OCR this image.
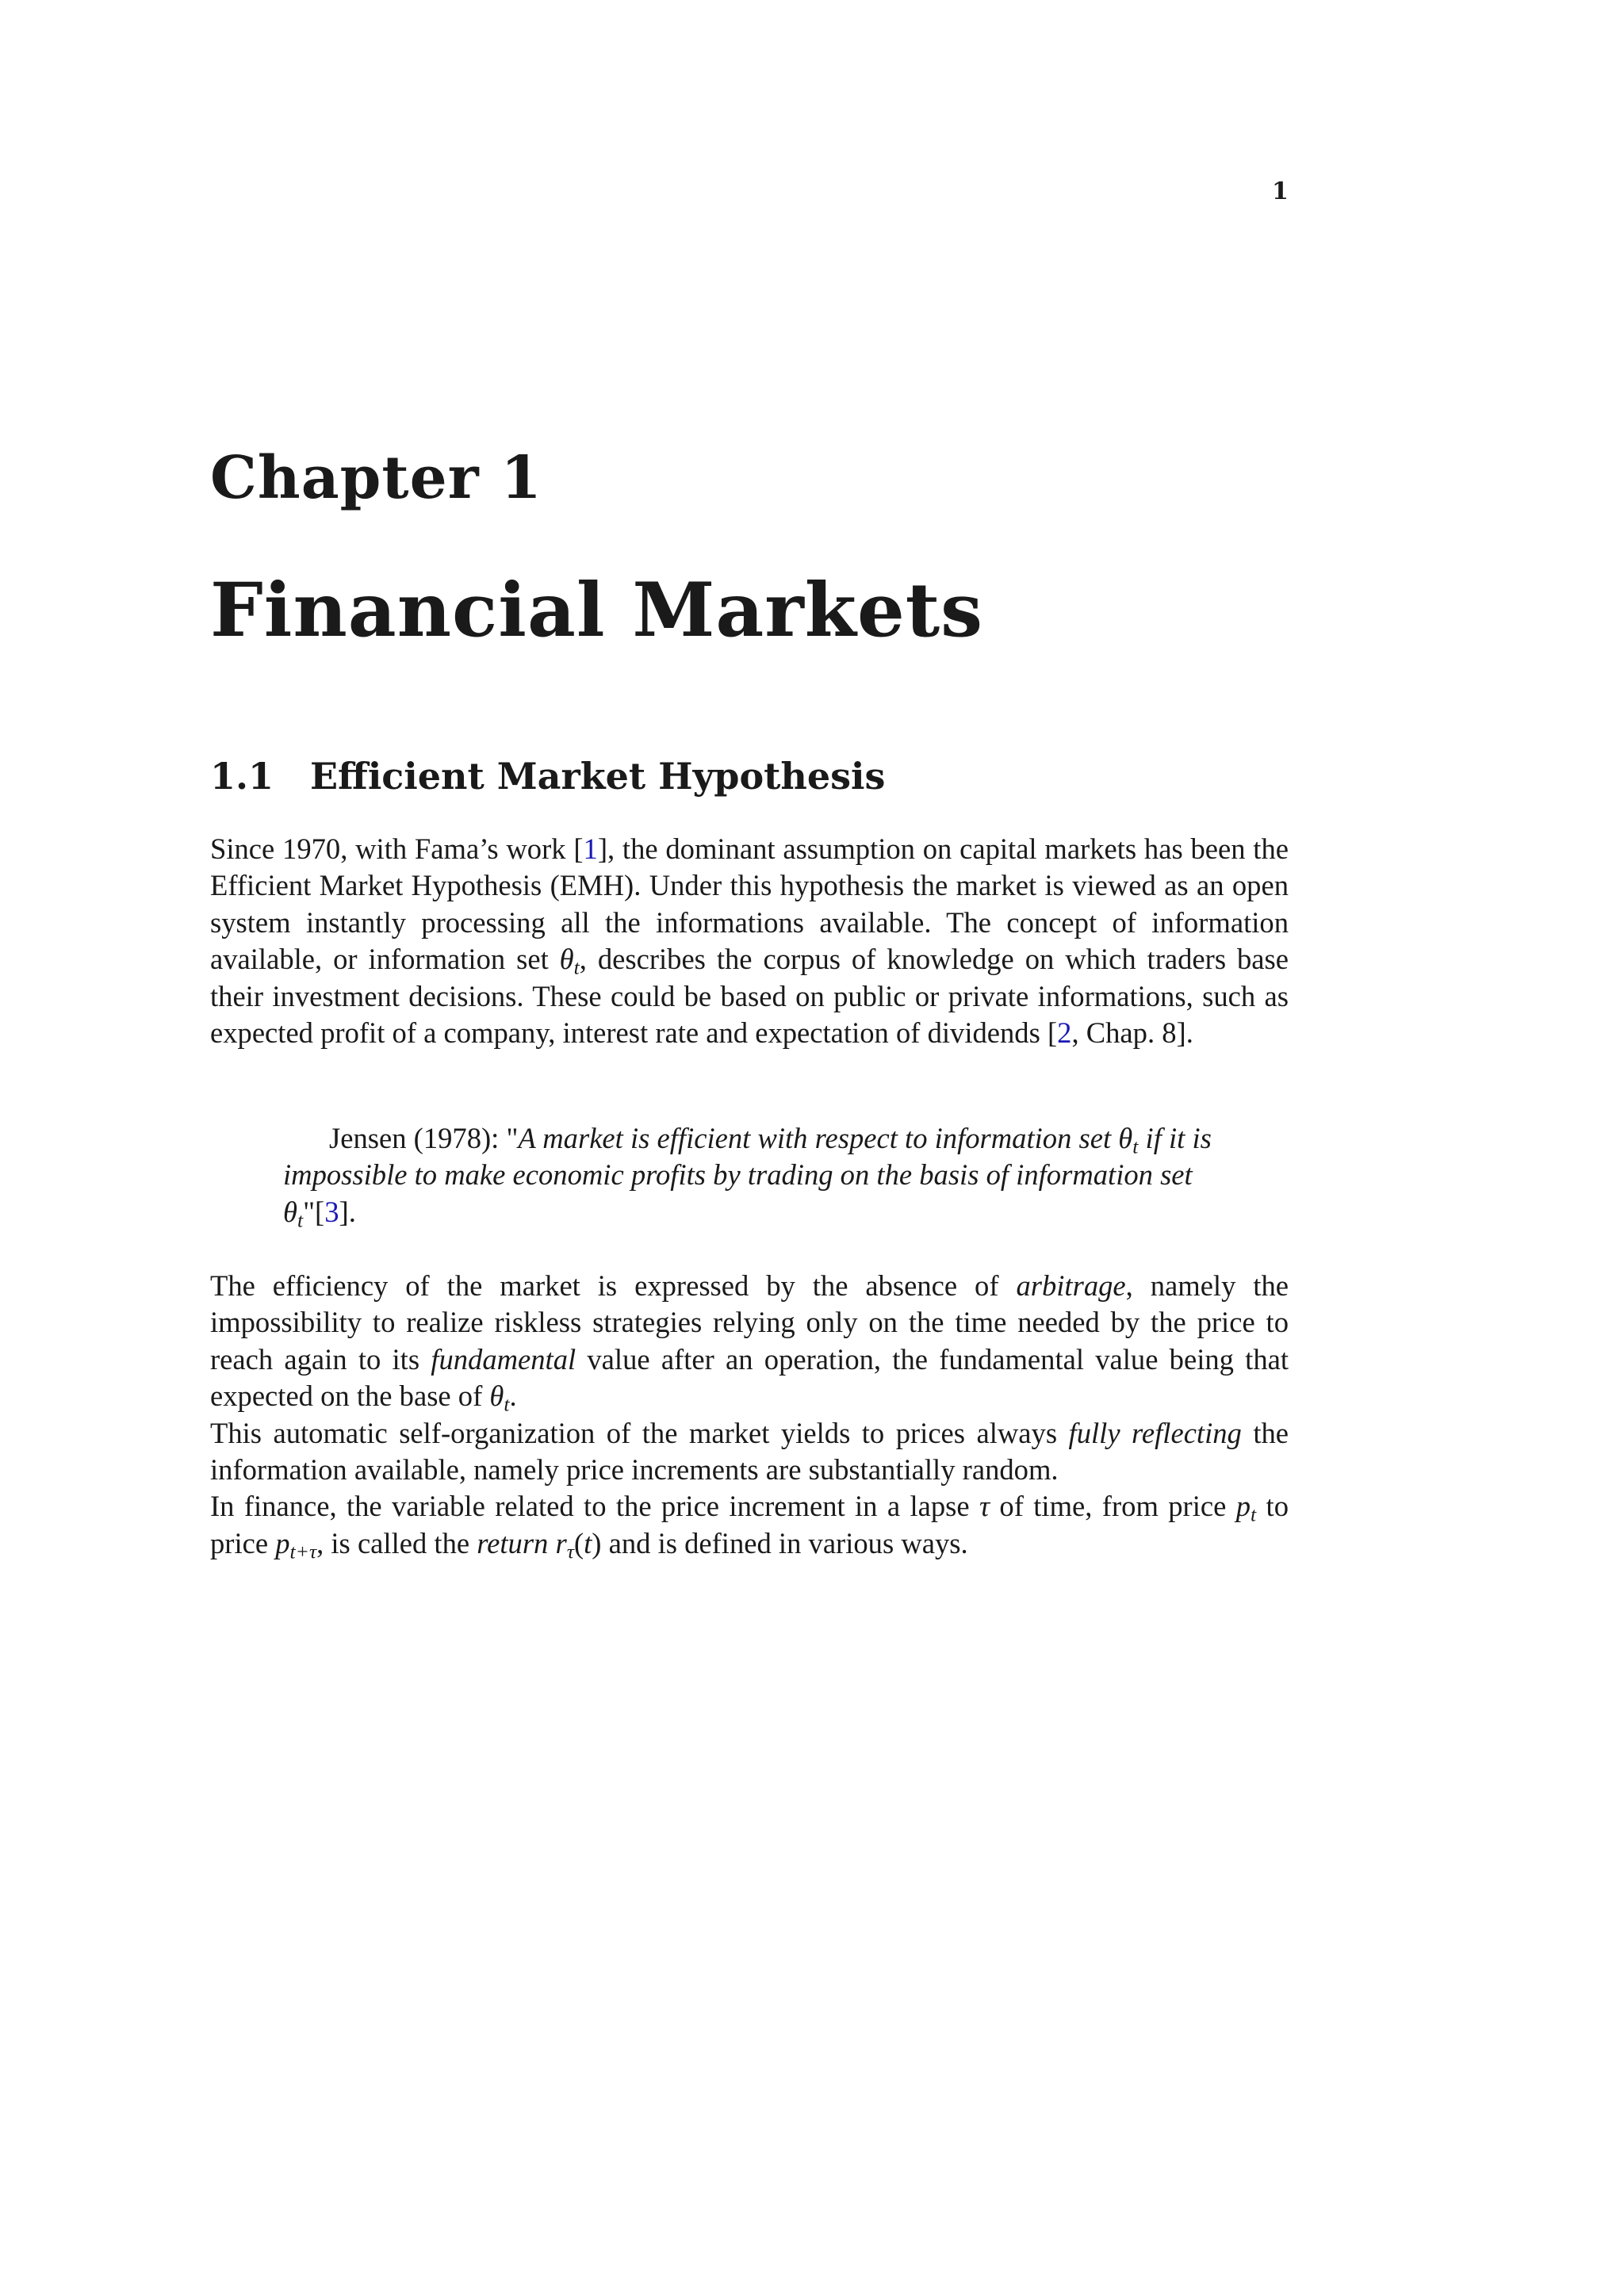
1
Chapter 1
Financial Markets
1.1 Efficient Market Hypothesis
Since 1970, with Fama’s work [1], the dominant assumption on capital markets has been the Efficient Market Hypothesis (EMH). Under this hypothesis the market is viewed as an open system instantly processing all the informations available. The concept of information available, or information set $\theta_t$, describes the corpus of knowledge on which traders base their investment decisions. These could be based on public or private informations, such as expected profit of a company, interest rate and expectation of dividends [2, Chap. 8].
Jensen (1978): "A market is efficient with respect to information set $\theta_t$ if it is impossible to make economic profits by trading on the basis of information set $\theta_t"[3]$.
The efficiency of the market is expressed by the absence of arbitrage, namely the impossibility to realize riskless strategies relying only on the time needed by the price to reach again to its fundamental value after an operation, the fundamental value being that expected on the base of $\theta_t$.
This automatic self-organization of the market yields to prices always fully reflecting the information available, namely price increments are substantially random.
In finance, the variable related to the price increment in a lapse τ of time, from price $p_t$ to price $p_{t+\tau}$, is called the return $r_\tau(t)$ and is defined in various ways.
